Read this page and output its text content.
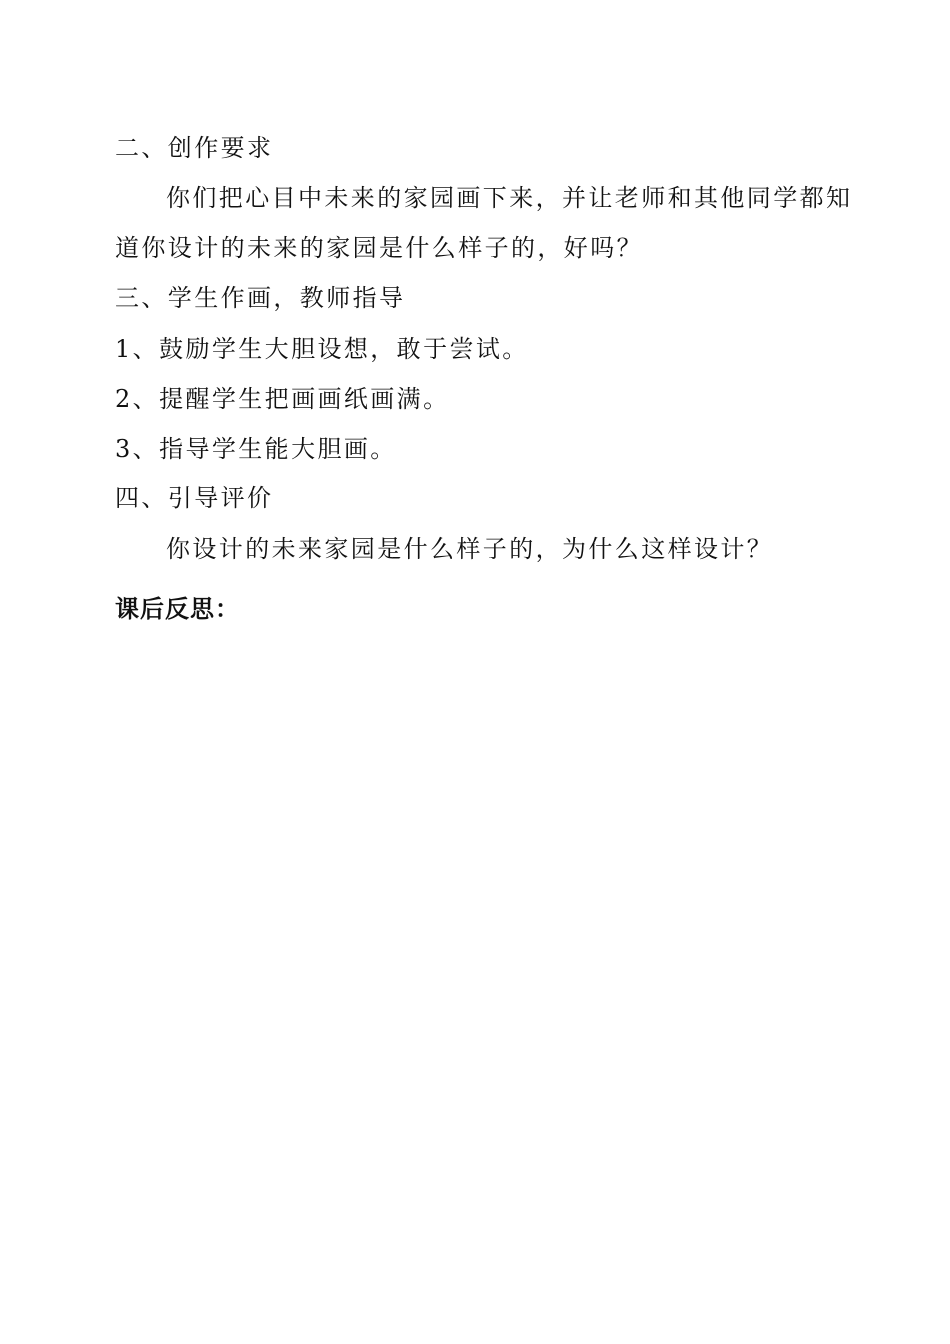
二、创作要求
你们把心目中未来的家园画下来，并让老师和其他同学都知
道你设计的未来的家园是什么样子的，好吗？
三、学生作画，教师指导
1、鼓励学生大胆设想，敢于尝试。
2、提醒学生把画画纸画满。
3、指导学生能大胆画。
四、引导评价
你设计的未来家园是什么样子的，为什么这样设计？
课后反思：
